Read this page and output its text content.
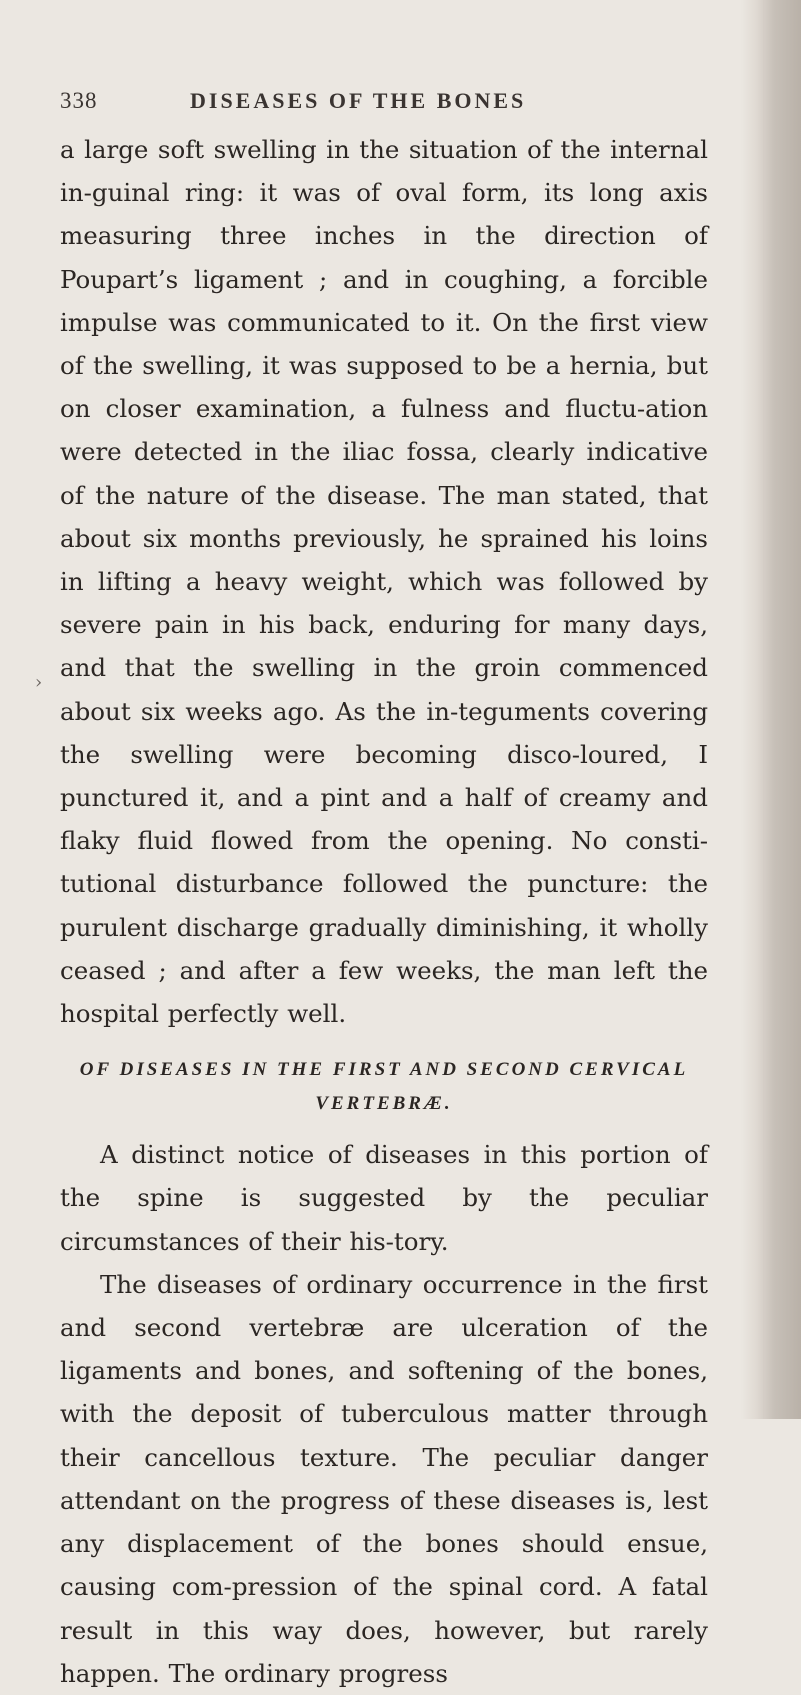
›
338	DISEASES OF THE BONES

a large soft swelling in the situation of the internal in-guinal ring: it was of oval form, its long axis measuring three inches in the direction of Poupart’s ligament ; and in coughing, a forcible impulse was communicated to it. On the first view of the swelling, it was supposed to be a hernia, but on closer examination, a fulness and fluctu-ation were detected in the iliac fossa, clearly indicative of the nature of the disease. The man stated, that about six months previously, he sprained his loins in lifting a heavy weight, which was followed by severe pain in his back, enduring for many days, and that the swelling in the groin commenced about six weeks ago. As the in-teguments covering the swelling were becoming disco-loured, I punctured it, and a pint and a half of creamy and flaky fluid flowed from the opening. No consti-tutional disturbance followed the puncture: the purulent discharge gradually diminishing, it wholly ceased ; and after a few weeks, the man left the hospital perfectly well.

OF DISEASES IN THE FIRST AND SECOND CERVICAL
VERTEBRÆ.

A distinct notice of diseases in this portion of the spine is suggested by the peculiar circumstances of their his-tory.

The diseases of ordinary occurrence in the first and second vertebræ are ulceration of the ligaments and bones, and softening of the bones, with the deposit of tuberculous matter through their cancellous texture. The peculiar danger attendant on the progress of these diseases is, lest any displacement of the bones should ensue, causing com-pression of the spinal cord. A fatal result in this way does, however, but rarely happen. The ordinary progress
